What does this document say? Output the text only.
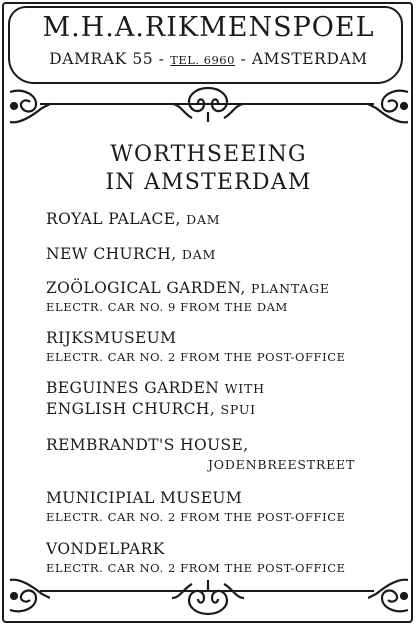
M.H.A.RIKMENSPOEL
DAMRAK 55 - TEL. 6960 - AMSTERDAM
WORTHSEEING
IN AMSTERDAM
ROYAL PALACE, DAM
NEW CHURCH, DAM
ZOÖLOGICAL GARDEN, PLANTAGE
ELECTR. CAR NO. 9 FROM THE DAM
RIJKSMUSEUM
ELECTR. CAR NO. 2 FROM THE POST-OFFICE
BEGUINES GARDEN WITH
ENGLISH CHURCH, SPUI
REMBRANDT'S HOUSE,
JODENBREESTREET
MUNICIPIAL MUSEUM
ELECTR. CAR NO. 2 FROM THE POST-OFFICE
VONDELPARK
ELECTR. CAR NO. 2 FROM THE POST-OFFICE
